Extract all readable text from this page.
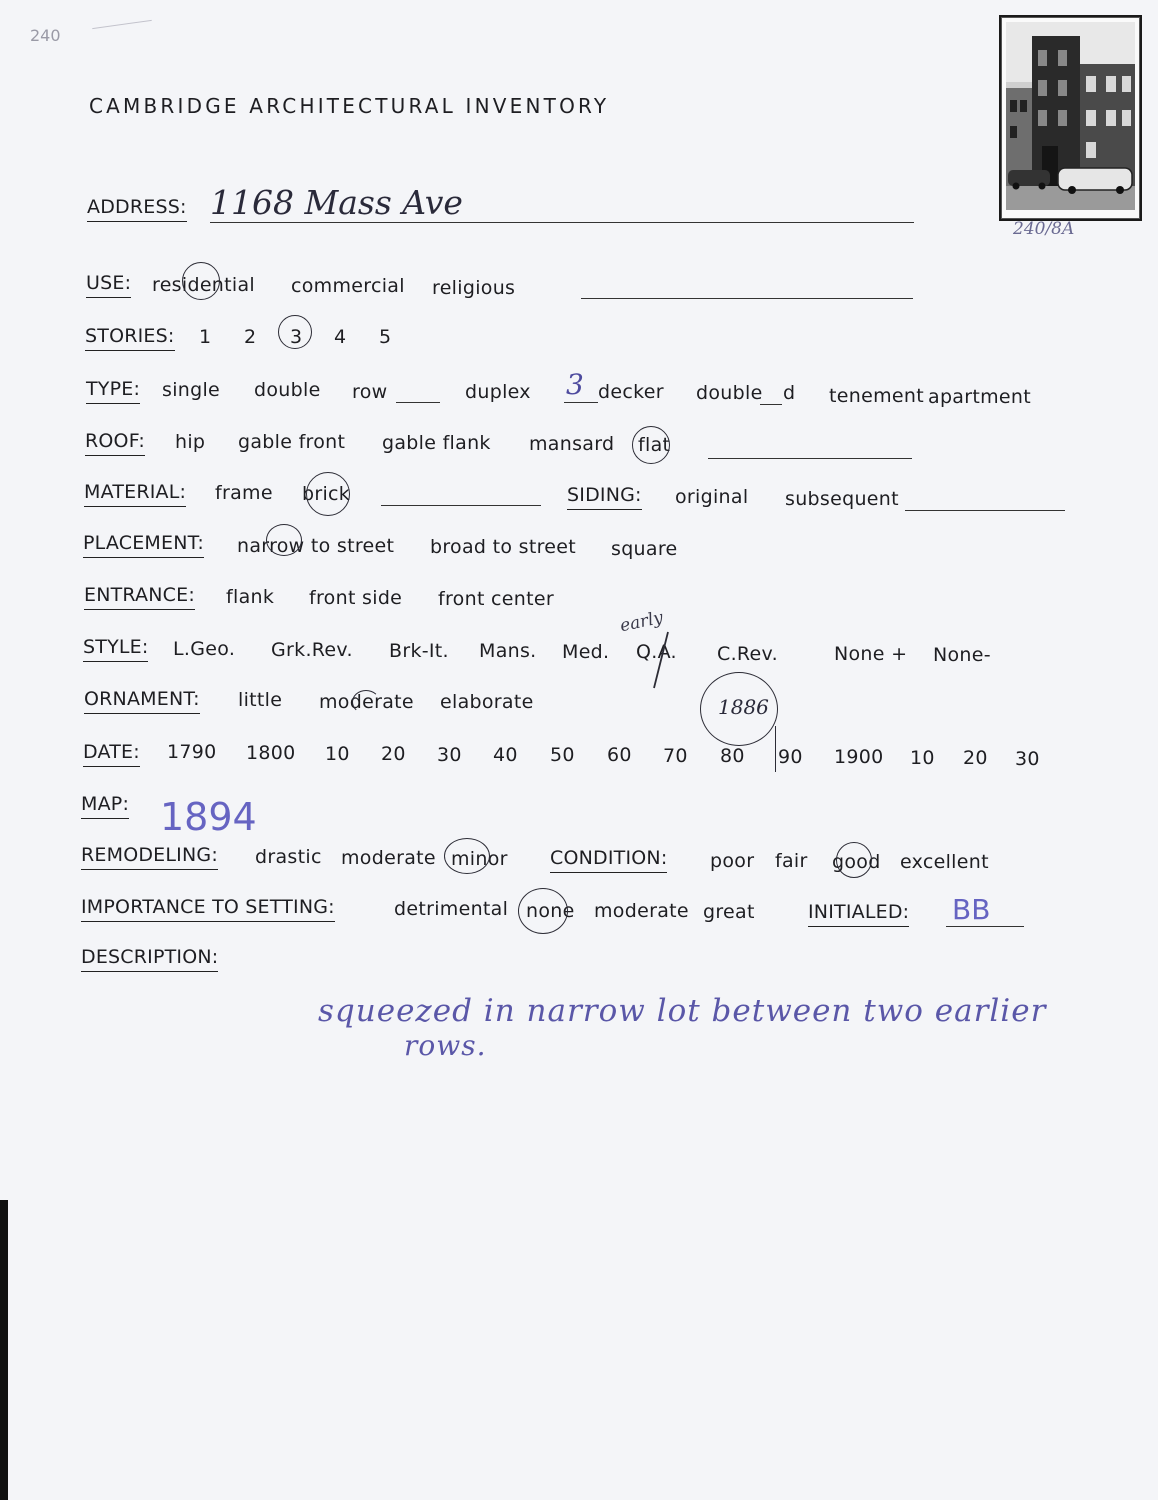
240
CAMBRIDGE ARCHITECTURAL INVENTORY
240/8A
ADDRESS: 1168 Mass Ave
USE: residential commercial religious
STORIES: 1 2 3 4 5
TYPE: single double row	duplex 3 decker double d tenement apartment
ROOF: hip gable front gable flank mansard flat
MATERIAL: frame brick	SIDING: original subsequent
PLACEMENT: narrow to street broad to street square
ENTRANCE: flank front side front center
STYLE: L.Geo. Grk.Rev. Brk-It. Mans. Med. Q.A. C.Rev.	None + None-
early
ORNAMENT: little moderate elaborate	1886
DATE: 1790 1800 10 20 30 40 50 60 70 80 90 1900 10 20 30
MAP: 1894
REMODELING: drastic moderate minor CONDITION: poor fair good excellent
IMPORTANCE TO SETTING:	detrimental none moderate great	INITIALED: BB
DESCRIPTION:
squeezed in narrow lot between two earlier
rows.
